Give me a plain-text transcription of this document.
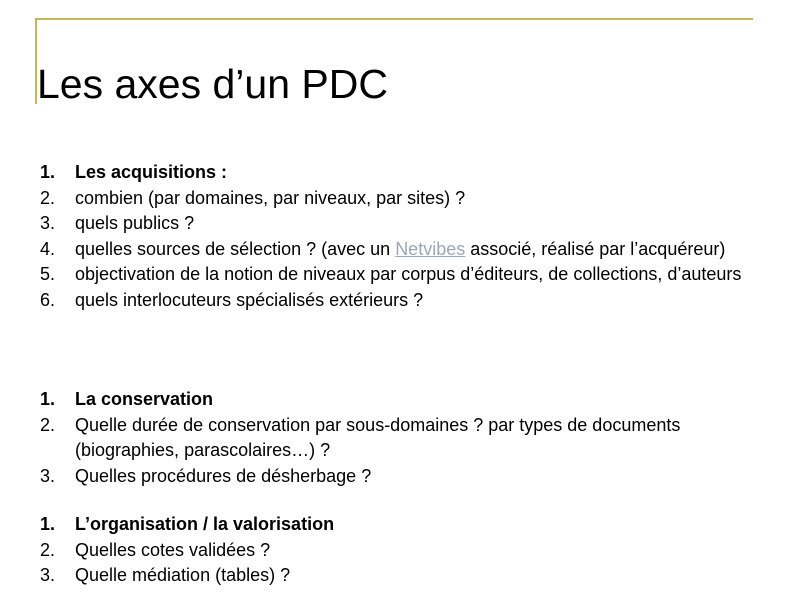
Les axes d’un PDC
1.	Les acquisitions :
2.	combien (par domaines, par niveaux, par sites) ?
3.	quels publics ?
4.	quelles sources de sélection ? (avec un Netvibes associé, réalisé par l’acquéreur)
5.	objectivation de la notion de niveaux par corpus d’éditeurs, de collections, d’auteurs
6.	quels interlocuteurs spécialisés extérieurs ?
1.	La conservation
2.	Quelle durée de conservation par sous-domaines ? par types de documents (biographies, parascolaires…) ?
3.	Quelles procédures de désherbage ?
1.	L’organisation / la valorisation
2.	Quelles cotes validées ?
3.	Quelle médiation (tables) ?
